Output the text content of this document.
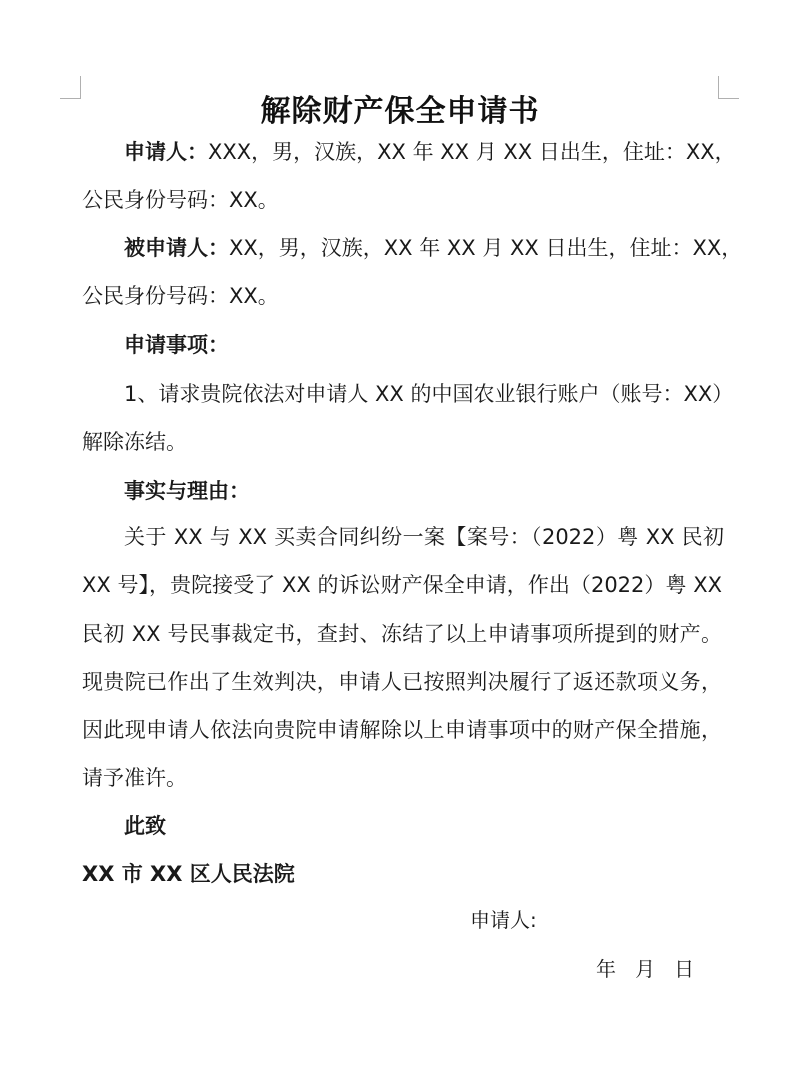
解除财产保全申请书
申请人：XXX，男，汉族，XX 年 XX 月 XX 日出生，住址：XX，
公民身份号码：XX。
被申请人：XX，男，汉族，XX 年 XX 月 XX 日出生，住址：XX，
公民身份号码：XX。
申请事项：
1、请求贵院依法对申请人 XX 的中国农业银行账户（账号：XX）
解除冻结。
事实与理由：
关于 XX 与 XX 买卖合同纠纷一案【案号：（2022）粤 XX 民初
XX 号】，贵院接受了 XX 的诉讼财产保全申请，作出（2022）粤 XX
民初 XX 号民事裁定书，查封、冻结了以上申请事项所提到的财产。
现贵院已作出了生效判决，申请人已按照判决履行了返还款项义务，
因此现申请人依法向贵院申请解除以上申请事项中的财产保全措施，
请予准许。
此致
XX 市 XX 区人民法院
申请人:
年   月   日
